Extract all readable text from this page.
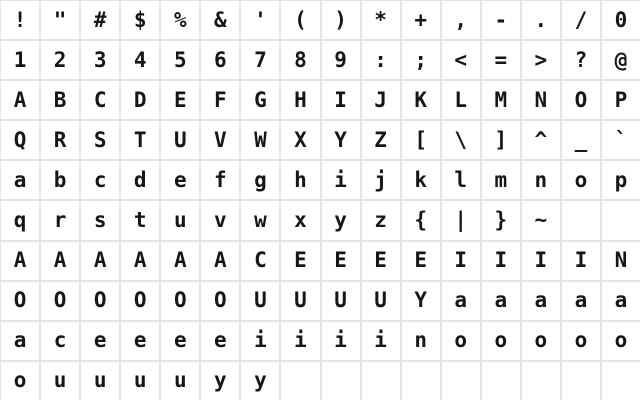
!	"	#	$	%	&	'	(	)	*	+	,	-	.	/	0
1	2	3	4	5	6	7	8	9	:	;	<	=	>	?	@
A	B	C	D	E	F	G	H	I	J	K	L	M	N	O	P
Q	R	S	T	U	V	W	X	Y	Z	[	\	]	^	_	`
a	b	c	d	e	f	g	h	i	j	k	l	m	n	o	p
q	r	s	t	u	v	w	x	y	z	{	|	}	~
A	A	A	A	A	A	C	E	E	E	E	I	I	I	I	N
O	O	O	O	O	O	U	U	U	U	Y	a	a	a	a	a
a	c	e	e	e	e	i	i	i	i	n	o	o	o	o	o
o	u	u	u	u	y	y
